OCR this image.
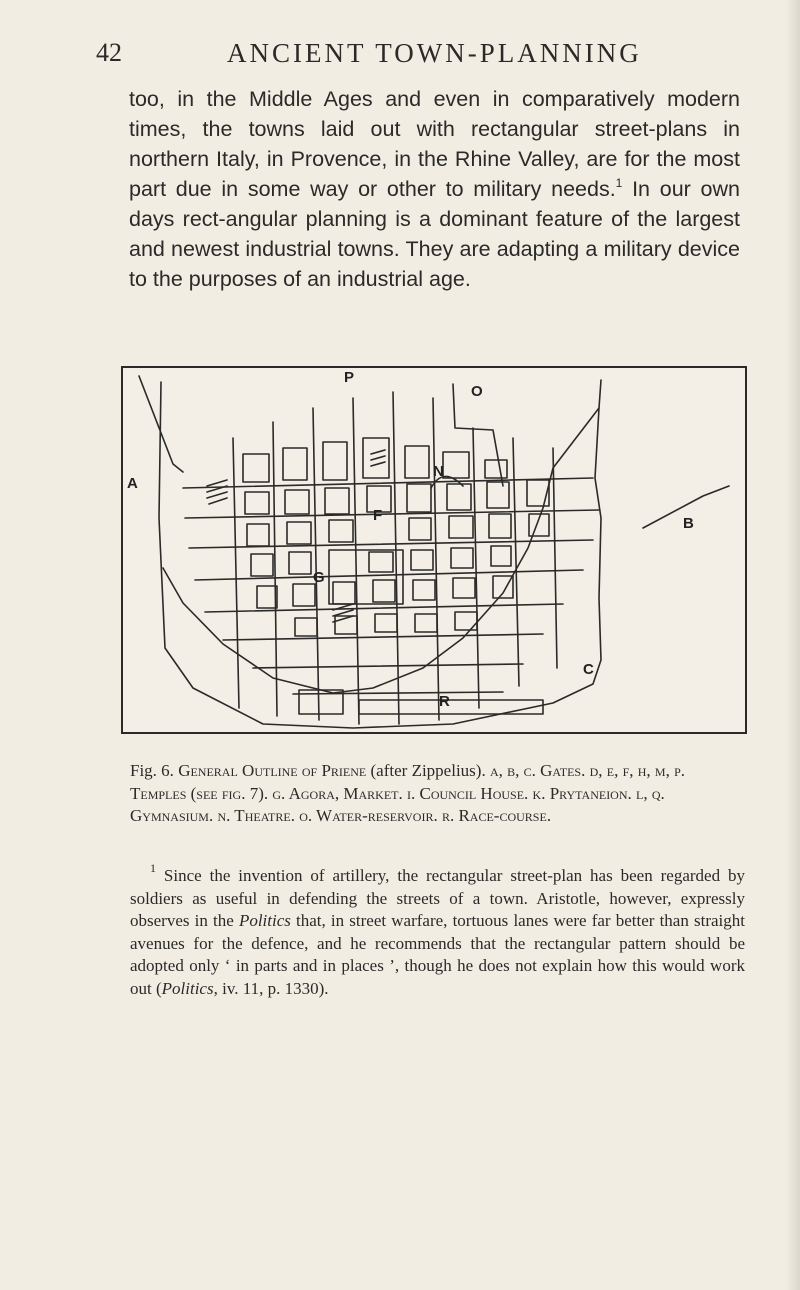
42	ANCIENT TOWN-PLANNING

too, in the Middle Ages and even in comparatively modern times, the towns laid out with rectangular street-plans in northern Italy, in Provence, in the Rhine Valley, are for the most part due in some way or other to military needs.$^1$ In our own days rect-angular planning is a dominant feature of the largest and newest industrial towns. They are adapting a military device to the purposes of an industrial age.

A
B
C
F
G
N
O
P
R

Fig. 6. General Outline of Priene (after Zippelius). a, b, c. Gates. d, e, f, h, m, p. Temples (see fig. 7). g. Agora, Market. i. Council House. k. Prytaneion. l, q. Gymnasium. n. Theatre. o. Water-reservoir. r. Race-course.

$^1$ Since the invention of artillery, the rectangular street-plan has been regarded by soldiers as useful in defending the streets of a town. Aristotle, however, expressly observes in the Politics that, in street warfare, tortuous lanes were far better than straight avenues for the defence, and he recommends that the rectangular pattern should be adopted only ‘ in parts and in places ’, though he does not explain how this would work out (Politics, iv. 11, p. 1330).
